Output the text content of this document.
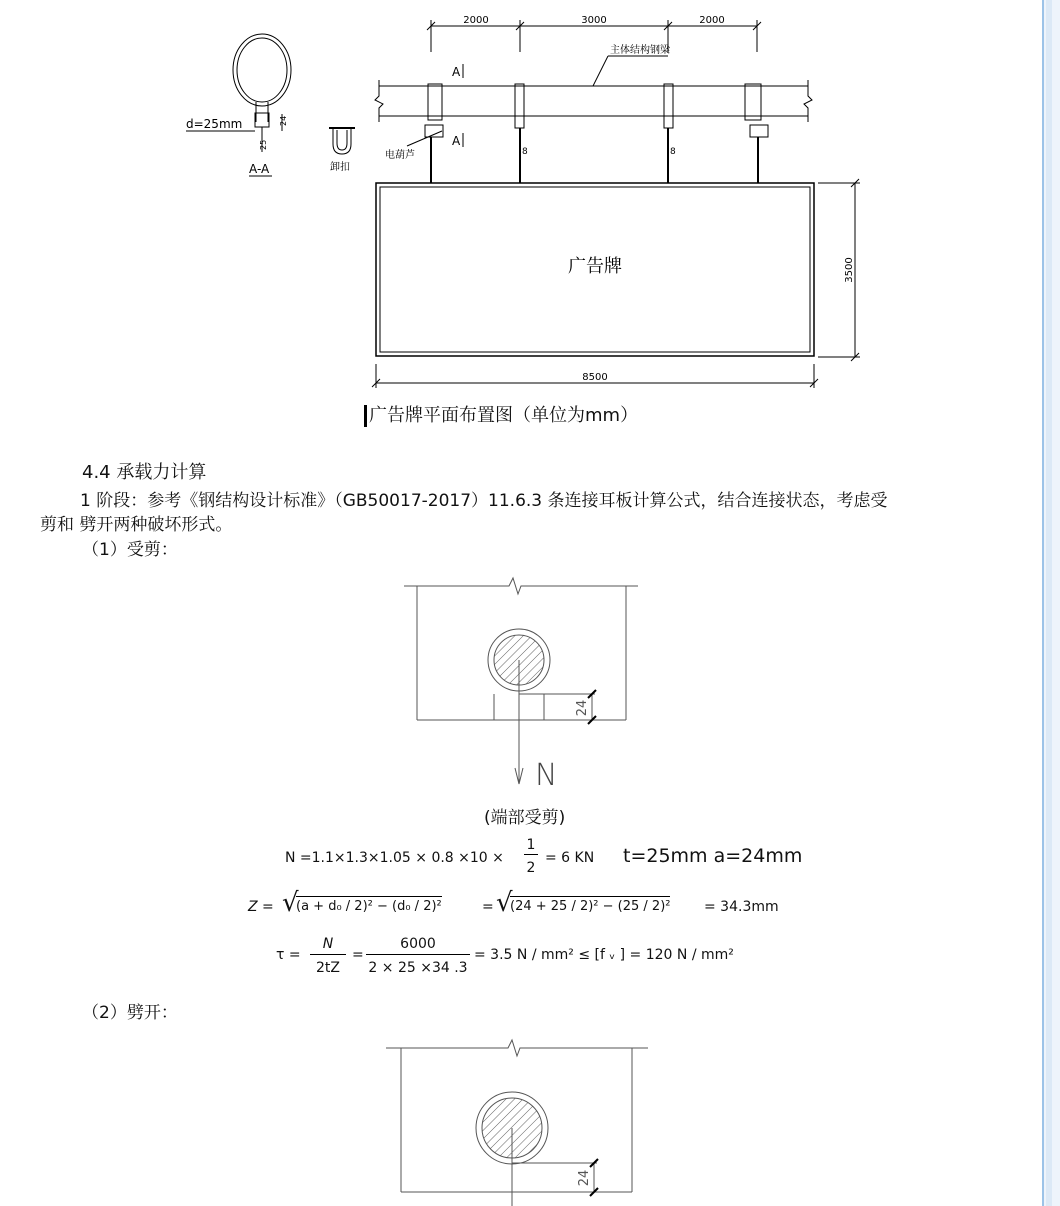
2000	3000	2000
主体结构钢梁
A
A
d=25mm	24
25
A-A	卸扣
电葫芦	8	8
广告牌	3500
8500
广告牌平面布置图（单位为mm）
4.4 承载力计算
1 阶段：参考《钢结构设计标准》（GB50017-2017）11.6.3 条连接耳板计算公式，结合连接状态，考虑受
剪和 劈开两种破坏形式。
（1）受剪：
24
N
(端部受剪)
N =1.1×1.3×1.05 × 0.8 ×10 ×
1
2
= 6 KN t=25mm a=24mm
Z = √
(a + d₀ / 2)² − (d₀ / 2)²	= √
(24 + 25 / 2)² − (25 / 2)² = 34.3mm
τ =
N
2tZ
=
6000
2 × 25 ×34 .3
= 3.5 N / mm² ≤ [f ᵥ ] = 120 N / mm²
（2）劈开：
24
